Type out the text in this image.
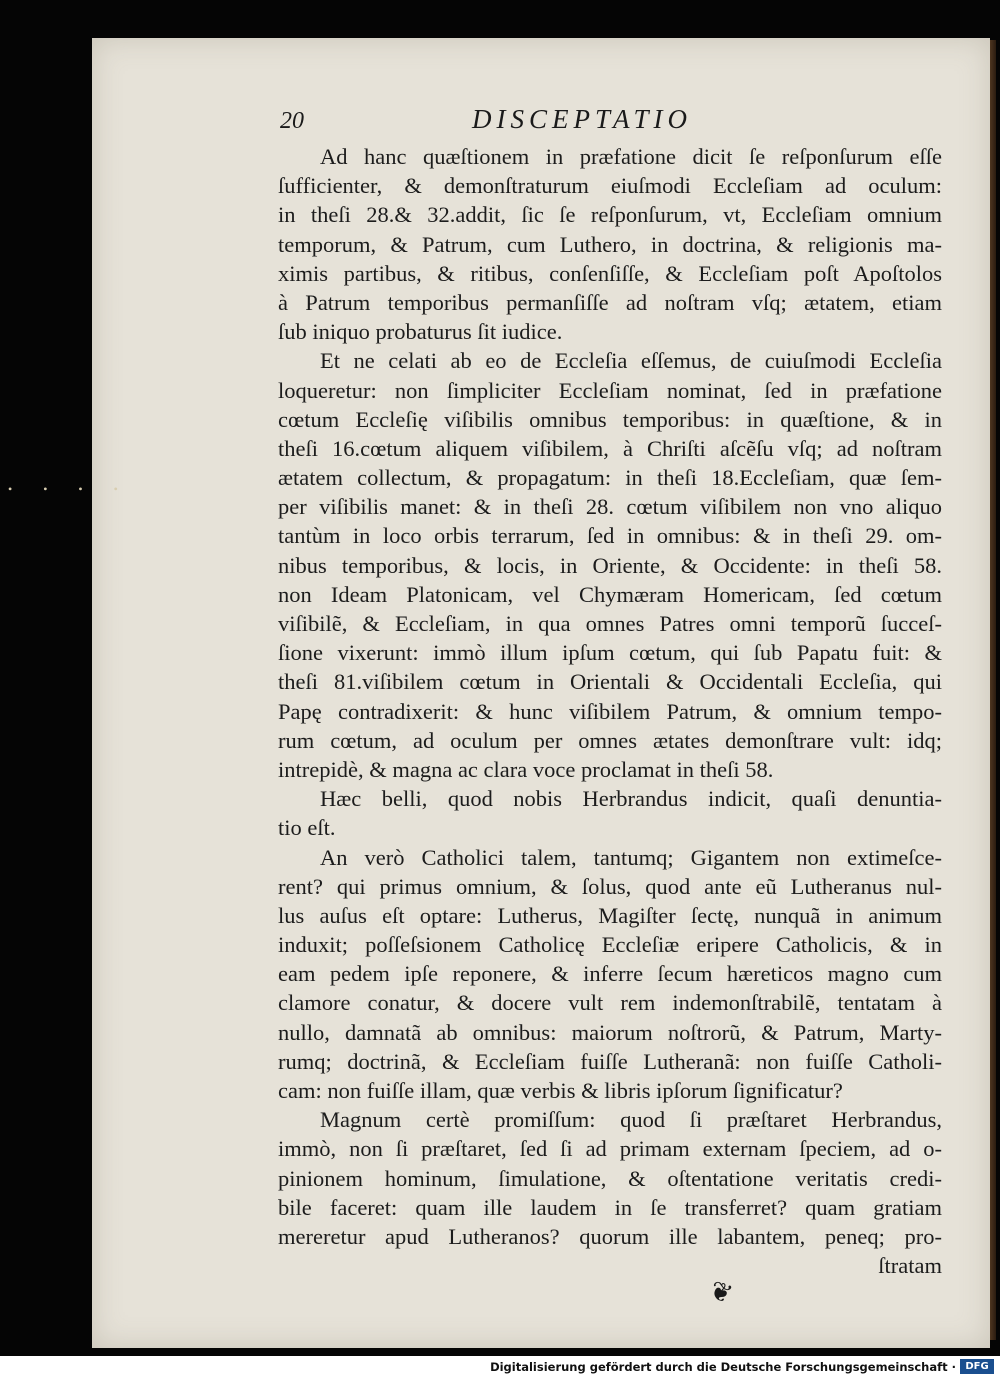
• • • •
20	DISCEPTATIO
Ad hanc quæſtionem in præfatione dicit ſe reſponſurum eſſe
ſufficienter, & demonſtraturum eiuſmodi Eccleſiam ad oculum:
in theſi 28.& 32.addit, ſic ſe reſponſurum, vt, Eccleſiam omnium
temporum, & Patrum, cum Luthero, in doctrina, & religionis ma-
ximis partibus, & ritibus, conſenſiſſe, & Eccleſiam poſt Apoſtolos
à Patrum temporibus permanſiſſe ad noſtram vſq; ætatem, etiam
ſub iniquo probaturus ſit iudice.
Et ne celati ab eo de Eccleſia eſſemus, de cuiuſmodi Eccleſia
loqueretur: non ſimpliciter Eccleſiam nominat, ſed in præfatione
cœtum Eccleſię viſibilis omnibus temporibus: in quæſtione, & in
theſi 16.cœtum aliquem viſibilem, à Chriſti aſcẽſu vſq; ad noſtram
ætatem collectum, & propagatum: in theſi 18.Eccleſiam, quæ ſem-
per viſibilis manet: & in theſi 28. cœtum viſibilem non vno aliquo
tantùm in loco orbis terrarum, ſed in omnibus: & in theſi 29. om-
nibus temporibus, & locis, in Oriente, & Occidente: in theſi 58.
non Ideam Platonicam, vel Chymæram Homericam, ſed cœtum
viſibilẽ, & Eccleſiam, in qua omnes Patres omni temporũ ſucceſ-
ſione vixerunt: immò illum ipſum cœtum, qui ſub Papatu fuit: &
theſi 81.viſibilem cœtum in Orientali & Occidentali Eccleſia, qui
Papę contradixerit: & hunc viſibilem Patrum, & omnium tempo-
rum cœtum, ad oculum per omnes ætates demonſtrare vult: idq;
intrepidè, & magna ac clara voce proclamat in theſi 58.
Hæc belli, quod nobis Herbrandus indicit, quaſi denuntia-
tio eſt.
An verò Catholici talem, tantumq; Gigantem non extimeſce-
rent? qui primus omnium, & ſolus, quod ante eũ Lutheranus nul-
lus auſus eſt optare: Lutherus, Magiſter ſectę, nunquã in animum
induxit; poſſeſsionem Catholicę Eccleſiæ eripere Catholicis, & in
eam pedem ipſe reponere, & inferre ſecum hæreticos magno cum
clamore conatur, & docere vult rem indemonſtrabilẽ, tentatam à
nullo, damnatã ab omnibus: maiorum noſtrorũ, & Patrum, Marty-
rumq; doctrinã, & Eccleſiam fuiſſe Lutheranã: non fuiſſe Catholi-
cam: non fuiſſe illam, quæ verbis & libris ipſorum ſignificatur?
Magnum certè promiſſum: quod ſi præſtaret Herbrandus,
immò, non ſi præſtaret, ſed ſi ad primam externam ſpeciem, ad o-
pinionem hominum, ſimulatione, & oſtentatione veritatis credi-
bile faceret: quam ille laudem in ſe transferret? quam gratiam
mereretur apud Lutheranos? quorum ille labantem, peneq; pro-
ſtratam
❦
Digitalisierung gefördert durch die Deutsche Forschungsgemeinschaft · DFG
